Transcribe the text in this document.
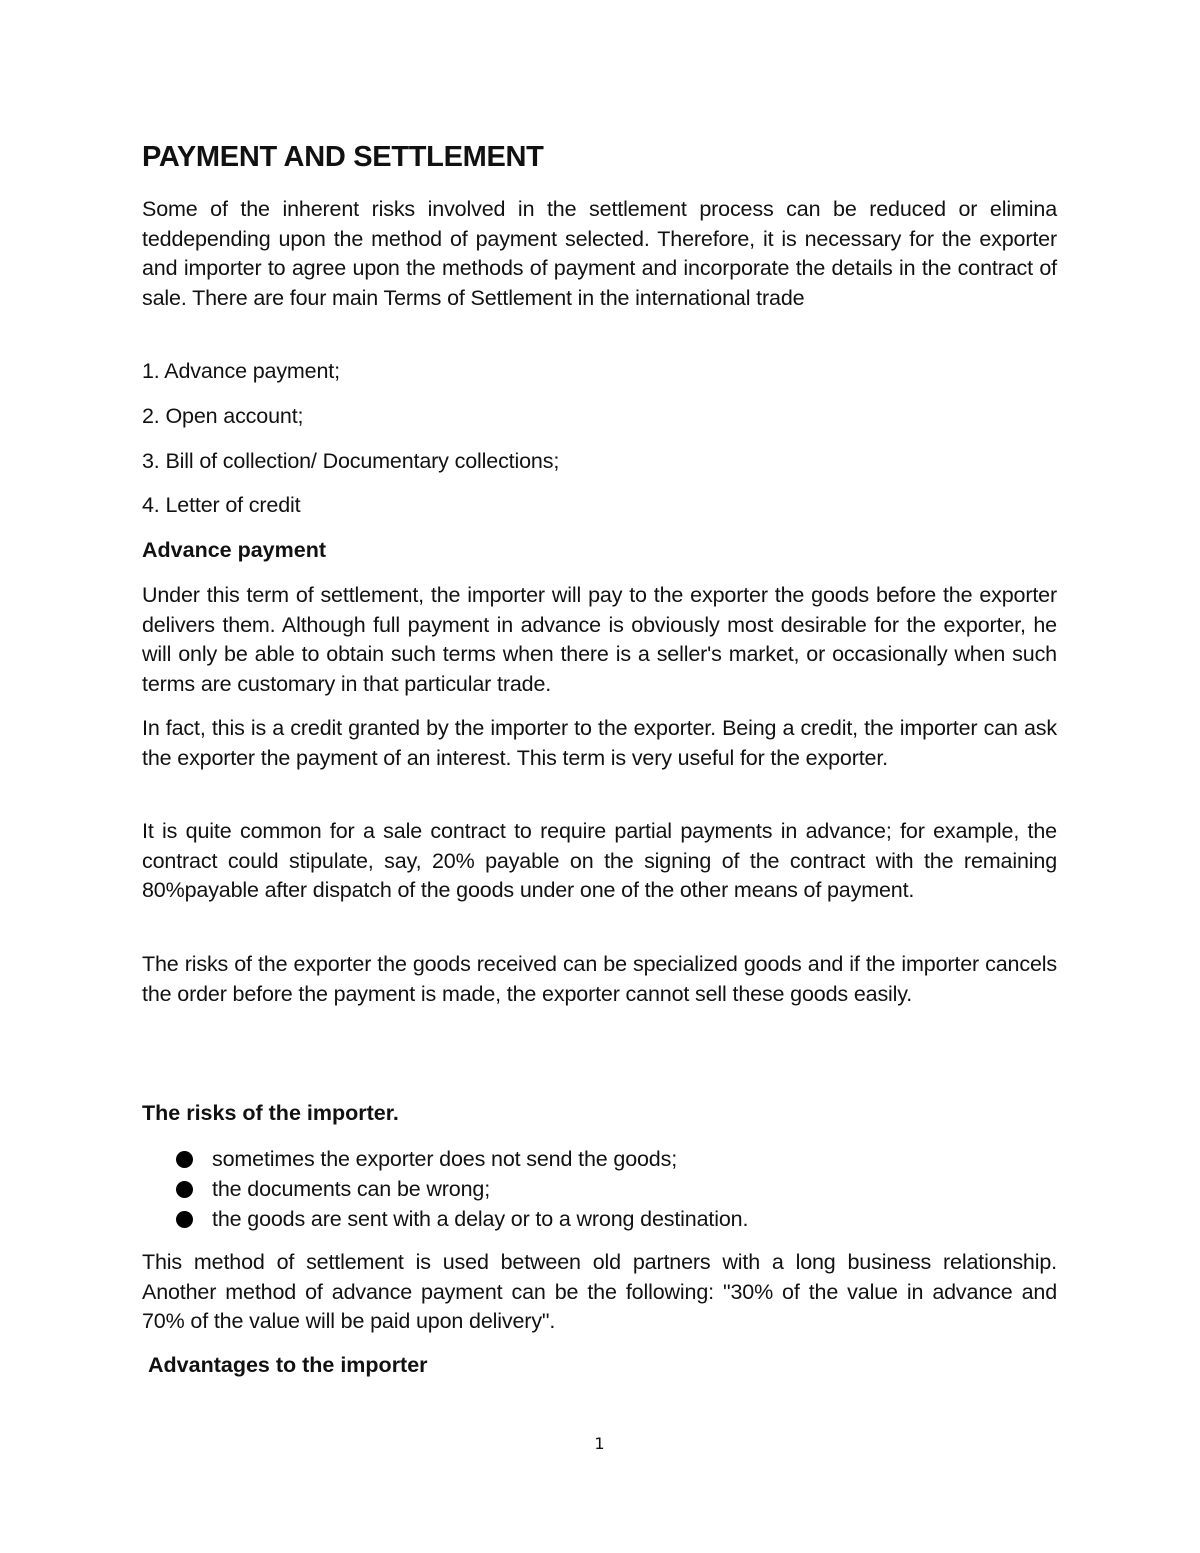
PAYMENT AND SETTLEMENT

Some of the inherent risks involved in the settlement process can be reduced or elimina teddepending upon the method of payment selected. Therefore, it is necessary for the exporter and importer to agree upon the methods of payment and incorporate the details in the contract of sale. There are four main Terms of Settlement in the international trade

1. Advance payment;

2. Open account;

3. Bill of collection/ Documentary collections;

4. Letter of credit

Advance payment

Under this term of settlement, the importer will pay to the exporter the goods before the exporter delivers them. Although full payment in advance is obviously most desirable for the exporter, he will only be able to obtain such terms when there is a seller's market, or occasionally when such terms are customary in that particular trade.

In fact, this is a credit granted by the importer to the exporter. Being a credit, the importer can ask the exporter the payment of an interest. This term is very useful for the exporter.

It is quite common for a sale contract to require partial payments in advance; for example, the contract could stipulate, say, 20% payable on the signing of the contract with the remaining 80%payable after dispatch of the goods under one of the other means of payment.

The risks of the exporter the goods received can be specialized goods and if the importer cancels the order before the payment is made, the exporter cannot sell these goods easily.

The risks of the importer.
sometimes the exporter does not send the goods;
the documents can be wrong;
the goods are sent with a delay or to a wrong destination.

This method of settlement is used between old partners with a long business relationship. Another method of advance payment can be the following: "30% of the value in advance and 70% of the value will be paid upon delivery".

Advantages to the importer
1
